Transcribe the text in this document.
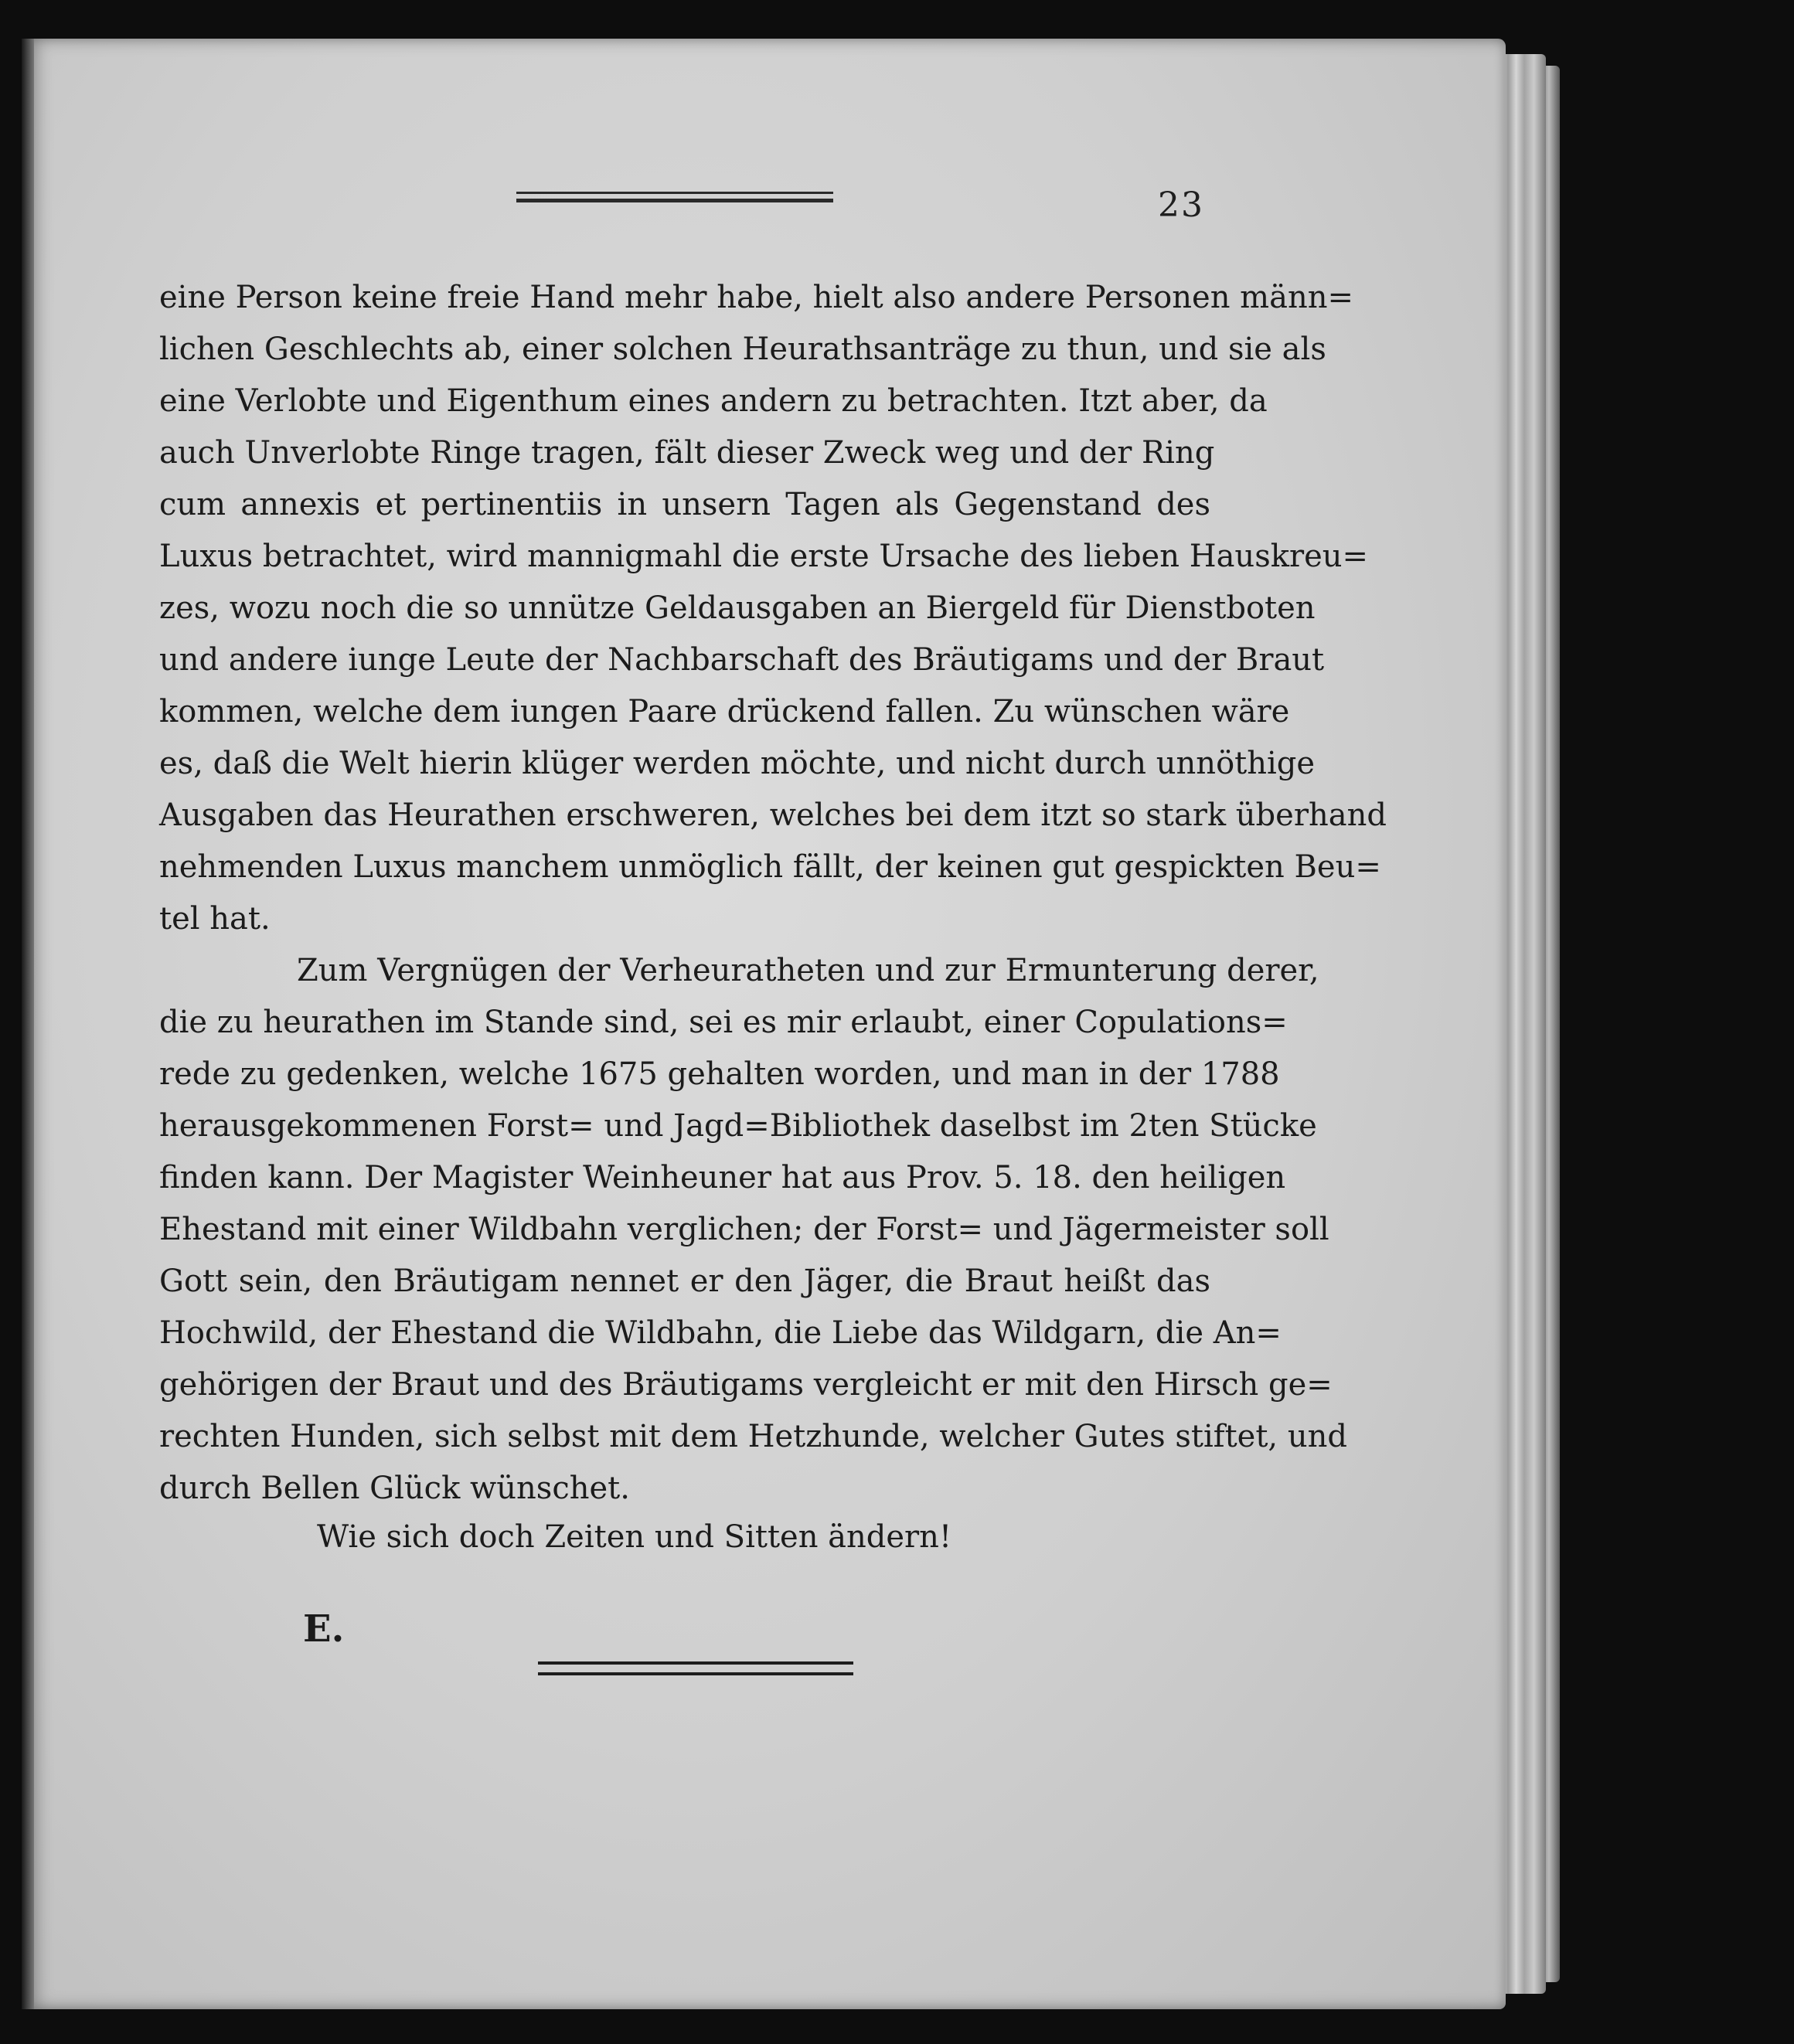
23
eine Person keine freie Hand mehr habe, hielt also andere Personen männ=
lichen Geschlechts ab, einer solchen Heurathsanträge zu thun, und sie als
eine Verlobte und Eigenthum eines andern zu betrachten. Itzt aber, da
auch Unverlobte Ringe tragen, fält dieser Zweck weg und der Ring
cum annexis et pertinentiis in unsern Tagen als Gegenstand des
Luxus betrachtet, wird mannigmahl die erste Ursache des lieben Hauskreu=
zes, wozu noch die so unnütze Geldausgaben an Biergeld für Dienstboten
und andere iunge Leute der Nachbarschaft des Bräutigams und der Braut
kommen, welche dem iungen Paare drückend fallen. Zu wünschen wäre
es, daß die Welt hierin klüger werden möchte, und nicht durch unnöthige
Ausgaben das Heurathen erschweren, welches bei dem itzt so stark überhand
nehmenden Luxus manchem unmöglich fällt, der keinen gut gespickten Beu=
tel hat.
Zum Vergnügen der Verheuratheten und zur Ermunterung derer,
die zu heurathen im Stande sind, sei es mir erlaubt, einer Copulations=
rede zu gedenken, welche 1675 gehalten worden, und man in der 1788
herausgekommenen Forst= und Jagd=Bibliothek daselbst im 2ten Stücke
finden kann. Der Magister Weinheuner hat aus Prov. 5. 18. den heiligen
Ehestand mit einer Wildbahn verglichen; der Forst= und Jägermeister soll
Gott sein, den Bräutigam nennet er den Jäger, die Braut heißt das
Hochwild, der Ehestand die Wildbahn, die Liebe das Wildgarn, die An=
gehörigen der Braut und des Bräutigams vergleicht er mit den Hirsch ge=
rechten Hunden, sich selbst mit dem Hetzhunde, welcher Gutes stiftet, und
durch Bellen Glück wünschet.
Wie sich doch Zeiten und Sitten ändern!
E.
